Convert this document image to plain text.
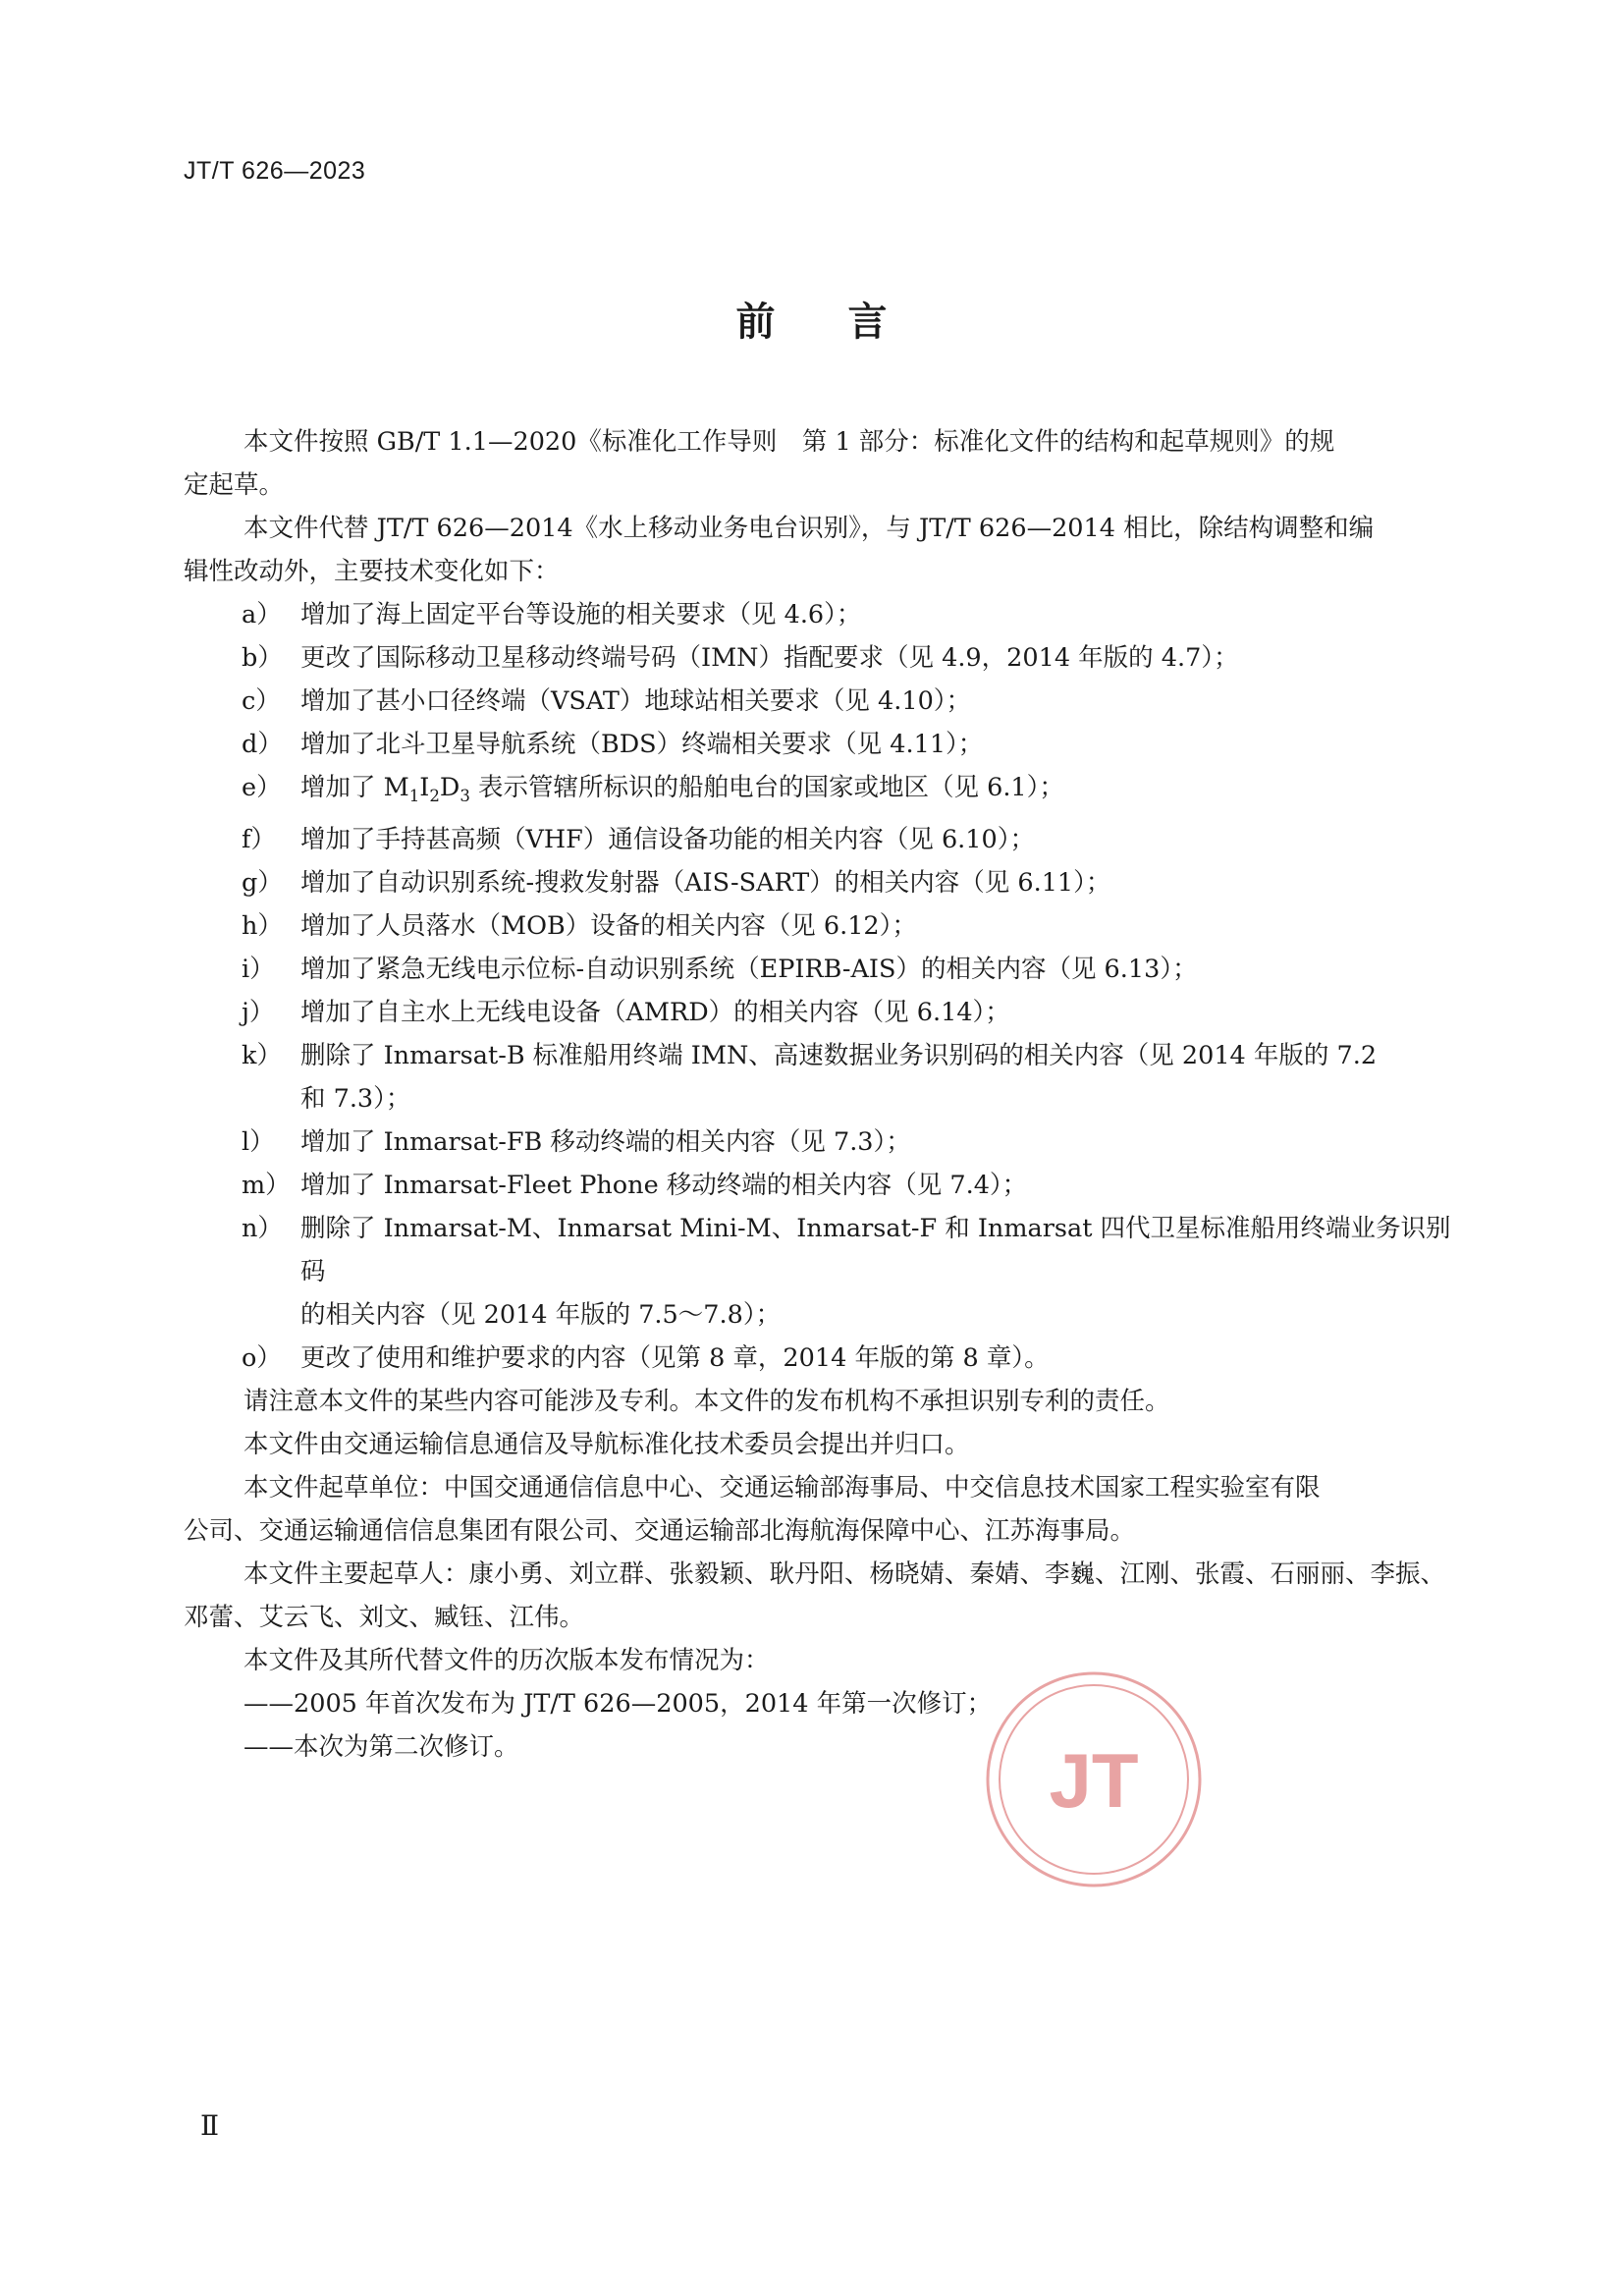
JT/T 626—2023
前 言

本文件按照 GB/T 1.1—2020《标准化工作导则　第 1 部分：标准化文件的结构和起草规则》的规
定起草。

本文件代替 JT/T 626—2014《水上移动业务电台识别》，与 JT/T 626—2014 相比，除结构调整和编
辑性改动外，主要技术变化如下：

a） 增加了海上固定平台等设施的相关要求（见 4.6）；
b） 更改了国际移动卫星移动终端号码（IMN）指配要求（见 4.9，2014 年版的 4.7）；
c） 增加了甚小口径终端（VSAT）地球站相关要求（见 4.10）；
d） 增加了北斗卫星导航系统（BDS）终端相关要求（见 4.11）；
e） 增加了 $M_1I_2D_3$ 表示管辖所标识的船舶电台的国家或地区（见 6.1）；
f） 增加了手持甚高频（VHF）通信设备功能的相关内容（见 6.10）；
g） 增加了自动识别系统-搜救发射器（AIS-SART）的相关内容（见 6.11）；
h） 增加了人员落水（MOB）设备的相关内容（见 6.12）；
i） 增加了紧急无线电示位标-自动识别系统（EPIRB-AIS）的相关内容（见 6.13）；
j） 增加了自主水上无线电设备（AMRD）的相关内容（见 6.14）；
k） 删除了 Inmarsat-B 标准船用终端 IMN、高速数据业务识别码的相关内容（见 2014 年版的 7.2
和 7.3）；
l） 增加了 Inmarsat-FB 移动终端的相关内容（见 7.3）；
m） 增加了 Inmarsat-Fleet Phone 移动终端的相关内容（见 7.4）；
n） 删除了 Inmarsat-M、Inmarsat Mini-M、Inmarsat-F 和 Inmarsat 四代卫星标准船用终端业务识别码
的相关内容（见 2014 年版的 7.5～7.8）；
o） 更改了使用和维护要求的内容（见第 8 章，2014 年版的第 8 章）。

请注意本文件的某些内容可能涉及专利。本文件的发布机构不承担识别专利的责任。

本文件由交通运输信息通信及导航标准化技术委员会提出并归口。

本文件起草单位：中国交通通信信息中心、交通运输部海事局、中交信息技术国家工程实验室有限
公司、交通运输通信信息集团有限公司、交通运输部北海航海保障中心、江苏海事局。

本文件主要起草人：康小勇、刘立群、张毅颖、耿丹阳、杨晓婧、秦婧、李巍、江刚、张霞、石丽丽、李振、
邓蕾、艾云飞、刘文、臧钰、江伟。

本文件及其所代替文件的历次版本发布情况为：

——2005 年首次发布为 JT/T 626—2005，2014 年第一次修订；
——本次为第二次修订。	JT
Ⅱ
